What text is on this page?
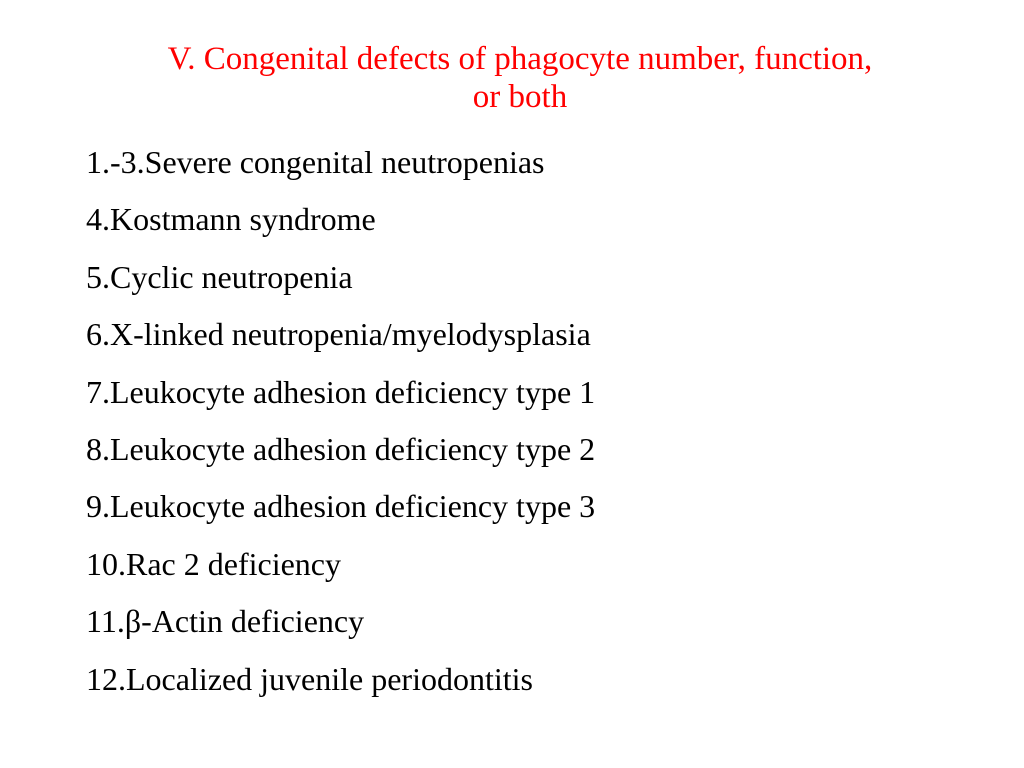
V. Congenital defects of phagocyte number, function,
or both
1.-3.Severe congenital neutropenias
4.Kostmann syndrome
5.Cyclic neutropenia
6.X-linked neutropenia/myelodysplasia
7.Leukocyte adhesion deficiency type 1
8.Leukocyte adhesion deficiency type 2
9.Leukocyte adhesion deficiency type 3
10.Rac 2 deficiency
11.β-Actin deficiency
12.Localized juvenile periodontitis
